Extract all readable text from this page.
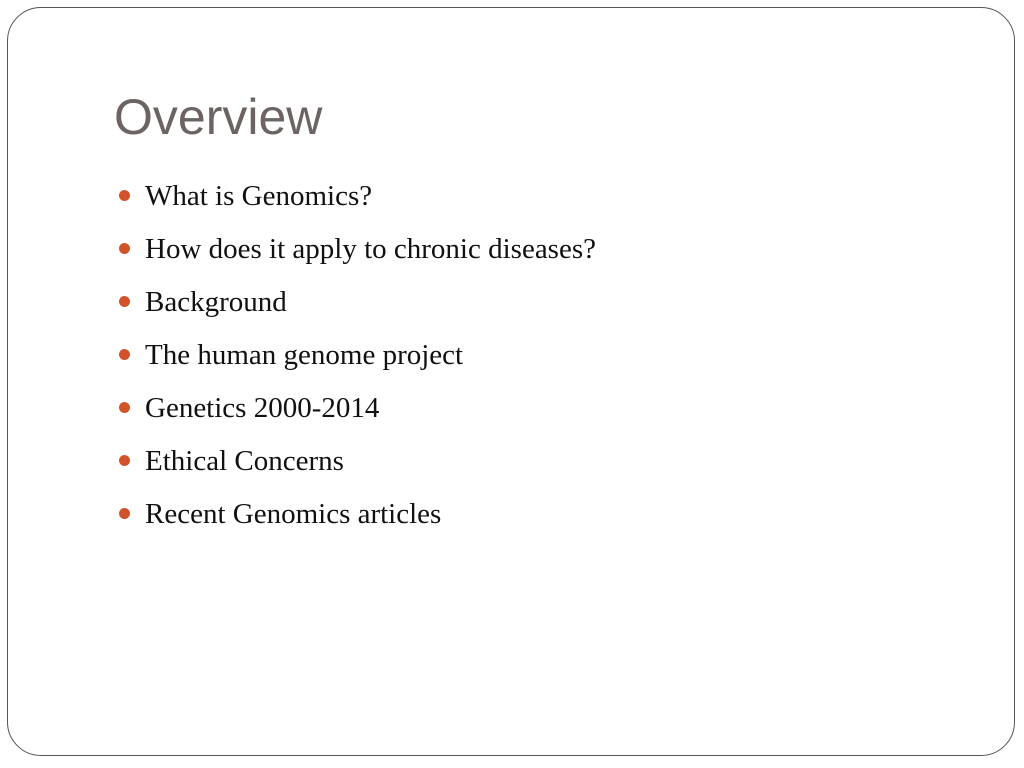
Overview
What is Genomics?
How does it apply to chronic diseases?
Background
The human genome project
Genetics 2000-2014
Ethical Concerns
Recent Genomics articles
